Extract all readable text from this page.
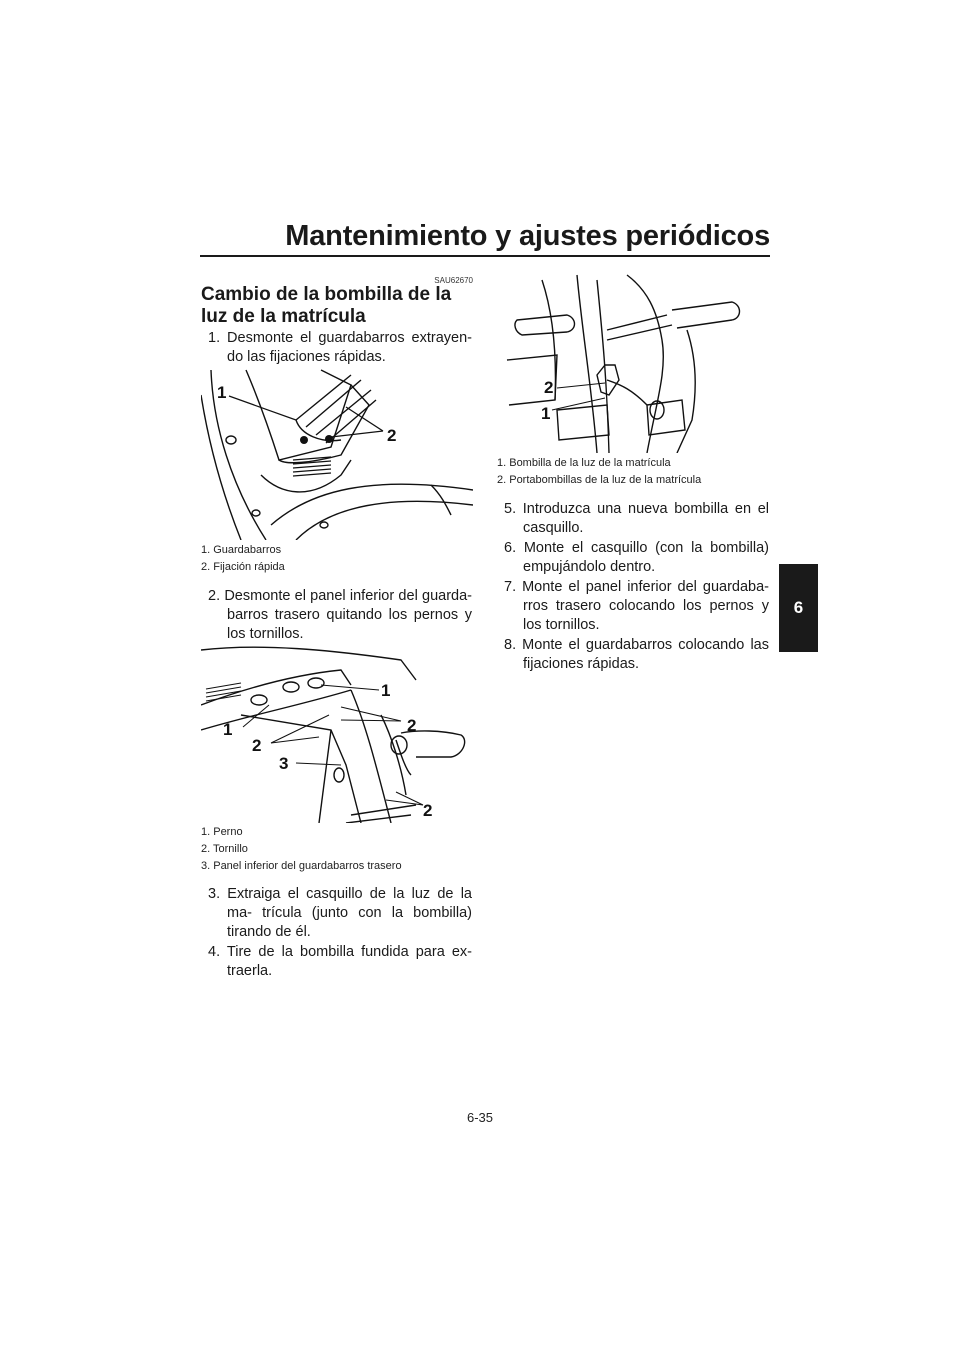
Mantenimiento y ajustes periódicos
6
SAU62670
Cambio de la bombilla de la luz de la matrícula
1. Desmonte el guardabarros extrayen- do las fijaciones rápidas.
1
2
1. Guardabarros
2. Fijación rápida
2. Desmonte el panel inferior del guarda- barros trasero quitando los pernos y los tornillos.
1
1	2
2
2
3
1. Perno
2. Tornillo
3. Panel inferior del guardabarros trasero
3. Extraiga el casquillo de la luz de la ma- trícula (junto con la bombilla) tirando de él.
4. Tire de la bombilla fundida para ex- traerla.
2
1
1. Bombilla de la luz de la matrícula
2. Portabombillas de la luz de la matrícula
5. Introduzca una nueva bombilla en el casquillo.
6. Monte el casquillo (con la bombilla) empujándolo dentro.
7. Monte el panel inferior del guardaba- rros trasero colocando los pernos y los tornillos.
8. Monte el guardabarros colocando las fijaciones rápidas.
6-35
